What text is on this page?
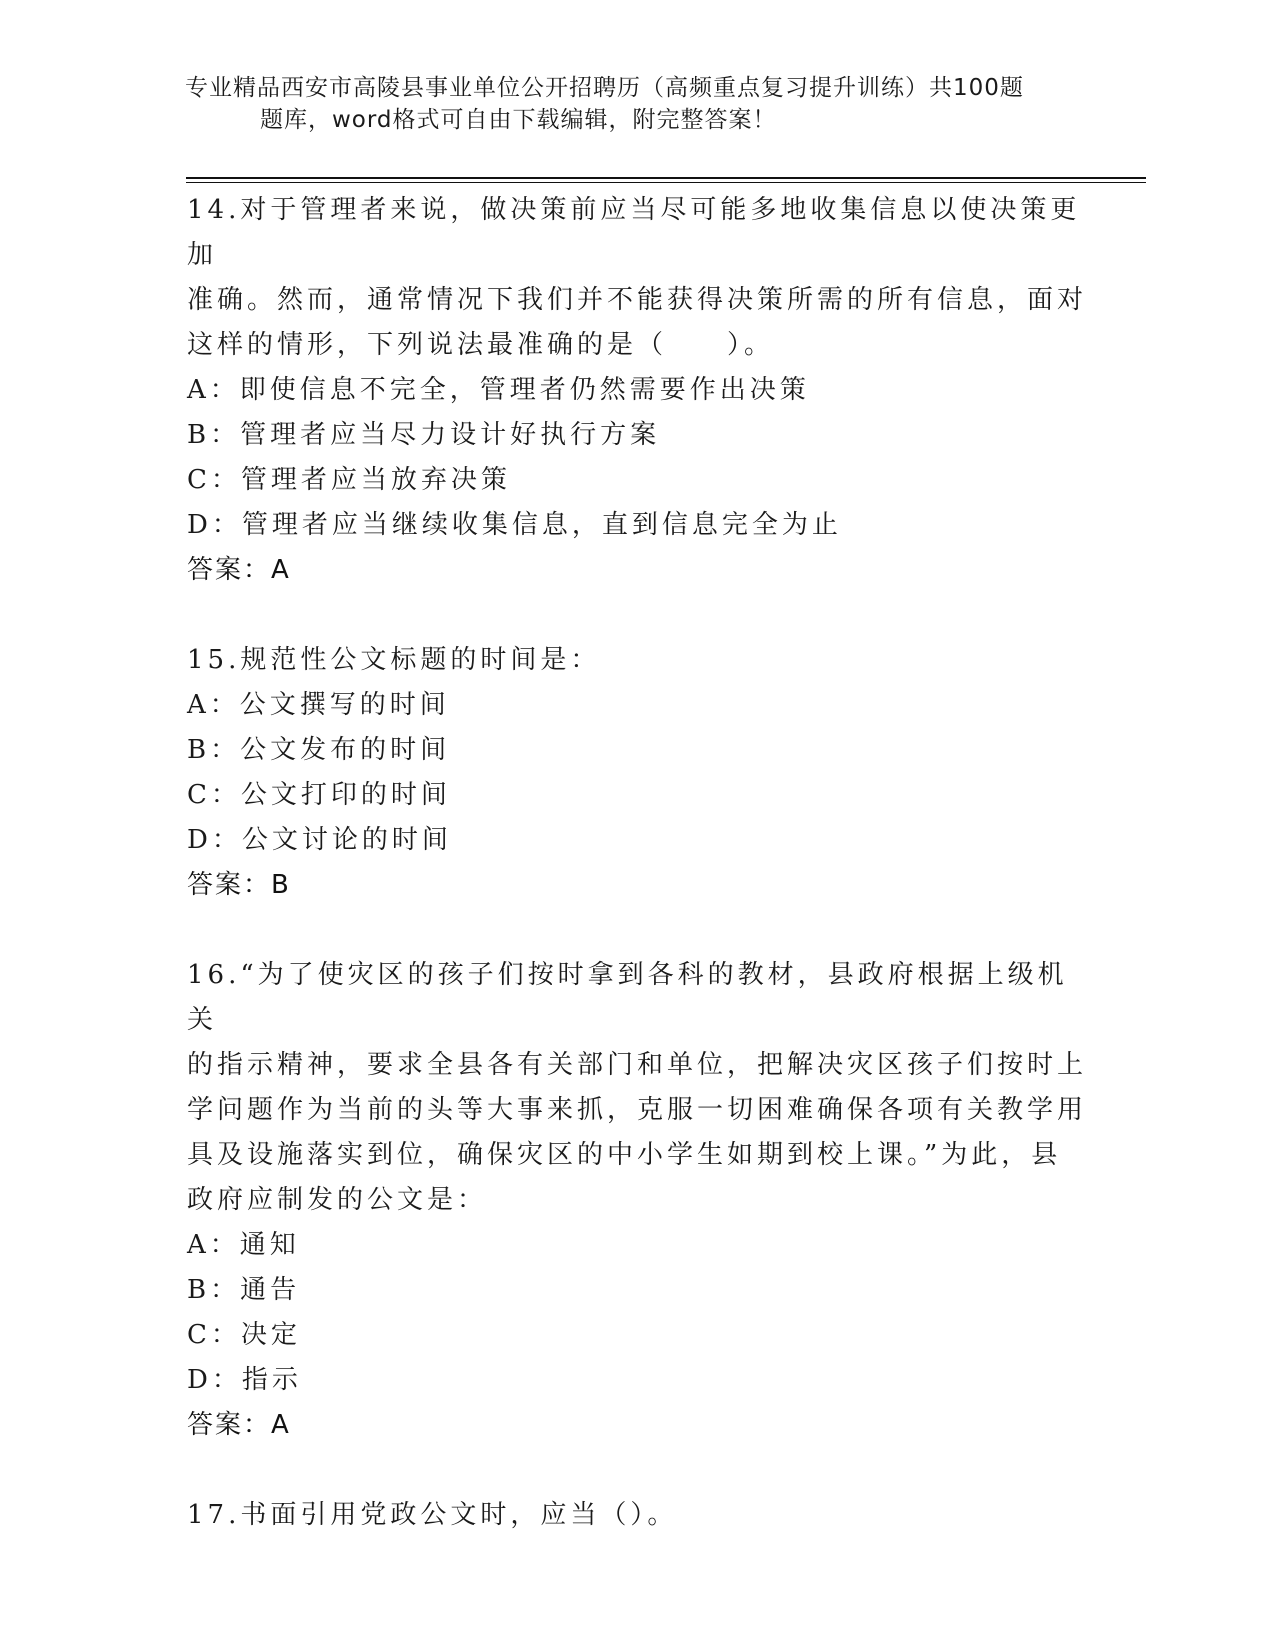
专业精品西安市高陵县事业单位公开招聘历（高频重点复习提升训练）共100题
题库，word格式可自由下载编辑，附完整答案！
14.对于管理者来说，做决策前应当尽可能多地收集信息以使决策更加
准确。然而，通常情况下我们并不能获得决策所需的所有信息，面对
这样的情形，下列说法最准确的是（　　）。
A：即使信息不完全，管理者仍然需要作出决策
B：管理者应当尽力设计好执行方案
C：管理者应当放弃决策
D：管理者应当继续收集信息，直到信息完全为止
答案：A
15.规范性公文标题的时间是：
A：公文撰写的时间
B：公文发布的时间
C：公文打印的时间
D：公文讨论的时间
答案：B
16.“为了使灾区的孩子们按时拿到各科的教材，县政府根据上级机关
的指示精神，要求全县各有关部门和单位，把解决灾区孩子们按时上
学问题作为当前的头等大事来抓，克服一切困难确保各项有关教学用
具及设施落实到位，确保灾区的中小学生如期到校上课。”为此，县
政府应制发的公文是：
A：通知
B：通告
C：决定
D：指示
答案：A
17.书面引用党政公文时，应当（）。
